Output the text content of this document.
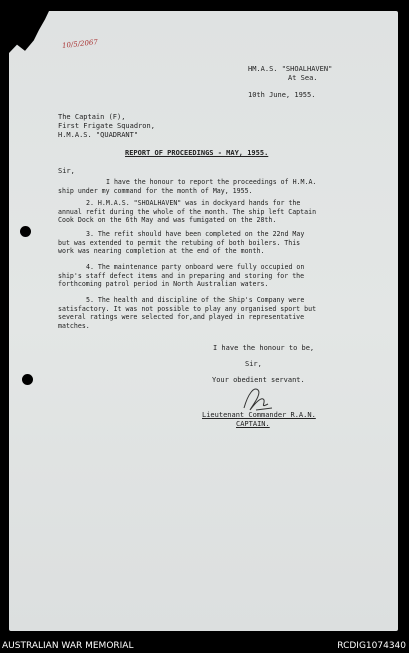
10/5/2067
HM.A.S. "SHOALHAVEN"
At Sea.
10th June, 1955.
The Captain (F),
First Frigate Squadron,
H.M.A.S. "QUADRANT"
REPORT OF PROCEEDINGS - MAY, 1955.
Sir,
I have the honour to report the proceedings of H.M.A.
ship under my command for the month of May, 1955.
2. H.M.A.S. "SHOALHAVEN" was in dockyard hands for the
annual refit during the whole of the month. The ship left Captain
Cook Dock on the 6th May and was fumigated on the 28th.
3. The refit should have been completed on the 22nd May
but was extended to permit the retubing of both boilers. This
work was nearing completion at the end of the month.
4. The maintenance party onboard were fully occupied on
ship's staff defect items and in preparing and storing for the
forthcoming patrol period in North Australian waters.
5. The health and discipline of the Ship's Company were
satisfactory. It was not possible to play any organised sport but
several ratings were selected for,and played in representative
matches.
I have the honour to be,
Sir,
Your obedient servant.
Lieutenant Commander R.A.N.
CAPTAIN.
AUSTRALIAN WAR MEMORIAL	RCDIG1074340
